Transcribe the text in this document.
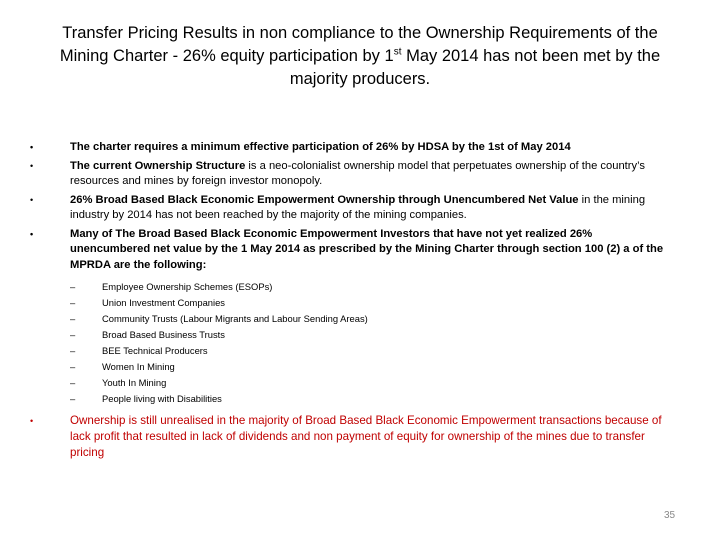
Transfer Pricing Results in non compliance to the Ownership Requirements of the
Mining Charter - 26% equity participation by 1st May 2014 has not been met by the
majority producers.
•	The charter requires a minimum effective participation of 26% by HDSA by the 1st of May 2014
•	The current Ownership Structure is a neo-colonialist ownership model that perpetuates ownership of the country’s resources and mines by foreign investor monopoly.
•	26% Broad Based Black Economic Empowerment Ownership through Unencumbered Net Value in the mining industry by 2014 has not been reached by the majority of the mining companies.
•	Many of The Broad Based Black Economic Empowerment Investors that have not yet realized 26% unencumbered net value by the 1 May 2014 as prescribed by the Mining Charter through section 100 (2) a of the MPRDA are the following:
–	Employee Ownership Schemes (ESOPs)
–	Union Investment Companies
–	Community Trusts (Labour Migrants and Labour Sending Areas)
–	Broad Based Business Trusts
–	BEE Technical Producers
–	Women In Mining
–	Youth In Mining
–	People living with Disabilities
•	Ownership is still unrealised in the majority of Broad Based Black Economic Empowerment transactions because of lack profit that resulted in lack of dividends and non payment of equity for ownership of the mines due to transfer pricing
35
